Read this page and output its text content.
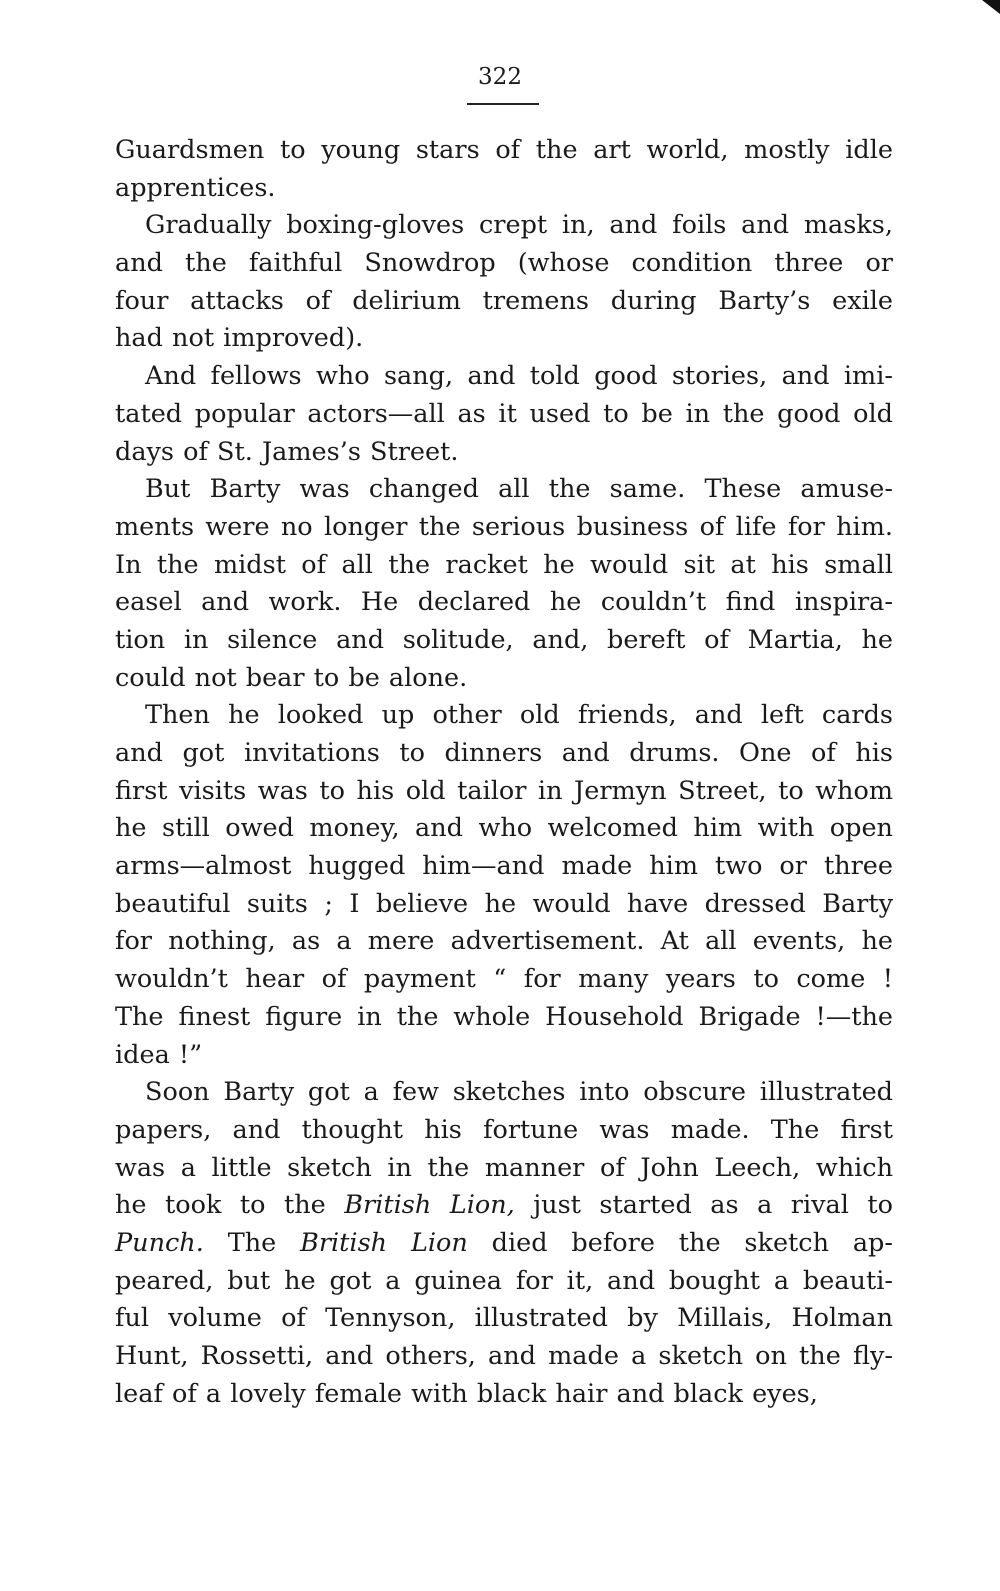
322
Guardsmen to young stars of the art world, mostly idle
apprentices.
Gradually boxing-gloves crept in, and foils and masks,
and the faithful Snowdrop (whose condition three or
four attacks of delirium tremens during Barty’s exile
had not improved).
And fellows who sang, and told good stories, and imi-
tated popular actors—all as it used to be in the good old
days of St. James’s Street.
But Barty was changed all the same. These amuse-
ments were no longer the serious business of life for him.
In the midst of all the racket he would sit at his small
easel and work. He declared he couldn’t find inspira-
tion in silence and solitude, and, bereft of Martia, he
could not bear to be alone.
Then he looked up other old friends, and left cards
and got invitations to dinners and drums. One of his
first visits was to his old tailor in Jermyn Street, to whom
he still owed money, and who welcomed him with open
arms—almost hugged him—and made him two or three
beautiful suits ; I believe he would have dressed Barty
for nothing, as a mere advertisement. At all events, he
wouldn’t hear of payment “ for many years to come !
The finest figure in the whole Household Brigade !—the
idea !”
Soon Barty got a few sketches into obscure illustrated
papers, and thought his fortune was made. The first
was a little sketch in the manner of John Leech, which
he took to the British Lion, just started as a rival to
Punch. The British Lion died before the sketch ap-
peared, but he got a guinea for it, and bought a beauti-
ful volume of Tennyson, illustrated by Millais, Holman
Hunt, Rossetti, and others, and made a sketch on the fly-
leaf of a lovely female with black hair and black eyes,
